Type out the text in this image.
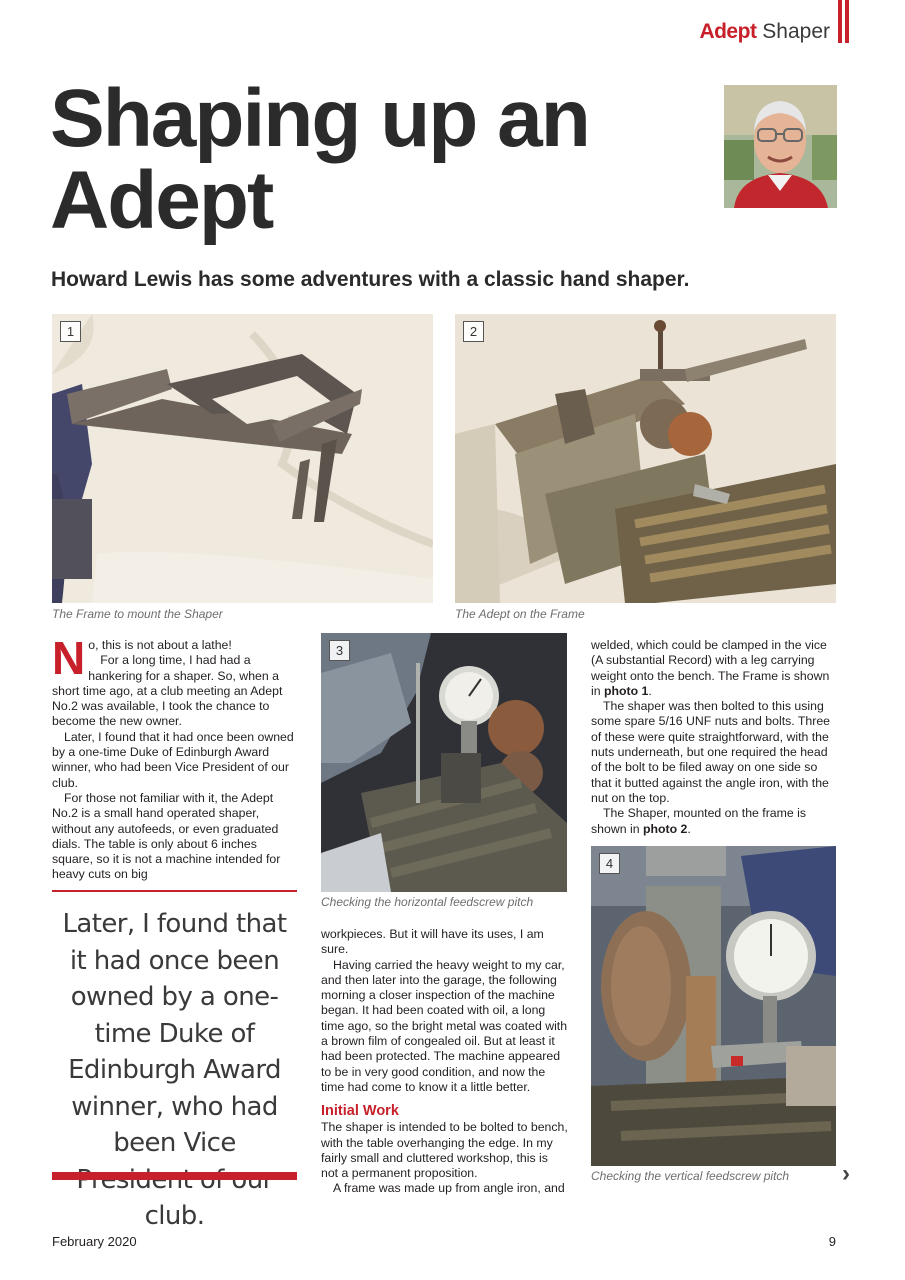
Adept Shaper
Shaping up an
Adept

Howard Lewis has some adventures with a classic hand shaper.

1
The Frame to mount the Shaper
2
The Adept on the Frame

No, this is not about a lathe!

For a long time, I had had a hankering for a shaper. So, when a short time ago, at a club meeting an Adept No.2 was available, I took the chance to become the new owner.

Later, I found that it had once been owned by a one-time Duke of Edinburgh Award winner, who had been Vice President of our club.

For those not familiar with it, the Adept No.2 is a small hand operated shaper, without any autofeeds, or even graduated dials. The table is only about 6 inches square, so it is not a machine intended for heavy cuts on big

Later, I found that it had once been owned by a one-time Duke of Edinburgh Award winner, who had been Vice club.

3
Checking the horizontal feedscrew pitch

workpieces. But it will have its uses, I am sure.

Having carried the heavy weight to my car, and then later into the garage, the following morning a closer inspection of the machine began. It had been coated with oil, a long time ago, so the bright metal was coated with a brown film of congealed oil. But at least it had been protected. The machine appeared to be in very good condition, and now the time had come to know it a little better.

Initial Work

The shaper is intended to be bolted to bench, with the table overhanging the edge. In my fairly small and cluttered workshop, this is not a permanent proposition.

A frame was made up from angle iron, and

welded, which could be clamped in the vice (A substantial Record) with a leg carrying weight onto the bench. The Frame is shown in photo 1.

The shaper was then bolted to this using some spare 5/16 UNF nuts and bolts. Three of these were quite straightforward, with the nuts underneath, but one required the head of the bolt to be filed away on one side so that it butted against the angle iron, with the nut on the top.

The Shaper, mounted on the frame is shown in photo 2.

4
Checking the vertical feedscrew pitch ›
February 2020	9
